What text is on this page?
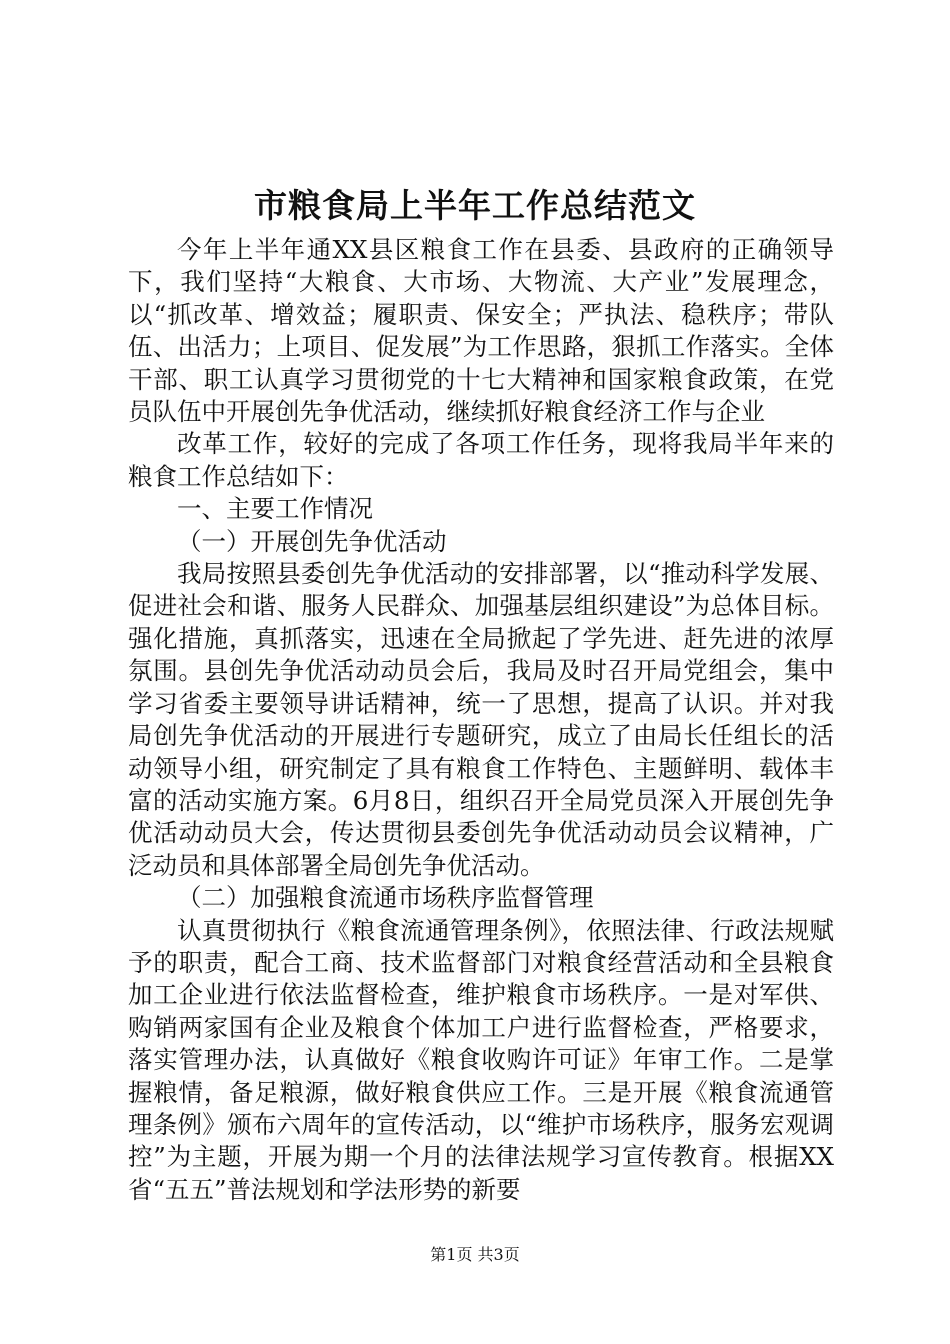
市粮食局上半年工作总结范文

今年上半年通XX县区粮食工作在县委、县政府的正确领导下，我们坚持“大粮食、大市场、大物流、大产业”发展理念，以“抓改革、增效益；履职责、保安全；严执法、稳秩序；带队伍、出活力；上项目、促发展”为工作思路，狠抓工作落实。全体干部、职工认真学习贯彻党的十七大精神和国家粮食政策，在党员队伍中开展创先争优活动，继续抓好粮食经济工作与企业

改革工作，较好的完成了各项工作任务，现将我局半年来的粮食工作总结如下：

一、主要工作情况

（一）开展创先争优活动

我局按照县委创先争优活动的安排部署，以“推动科学发展、促进社会和谐、服务人民群众、加强基层组织建设”为总体目标。强化措施，真抓落实，迅速在全局掀起了学先进、赶先进的浓厚氛围。县创先争优活动动员会后，我局及时召开局党组会，集中学习省委主要领导讲话精神，统一了思想，提高了认识。并对我局创先争优活动的开展进行专题研究，成立了由局长任组长的活动领导小组，研究制定了具有粮食工作特色、主题鲜明、载体丰富的活动实施方案。6月8日，组织召开全局党员深入开展创先争优活动动员大会，传达贯彻县委创先争优活动动员会议精神，广泛动员和具体部署全局创先争优活动。

（二）加强粮食流通市场秩序监督管理

认真贯彻执行《粮食流通管理条例》，依照法律、行政法规赋予的职责，配合工商、技术监督部门对粮食经营活动和全县粮食加工企业进行依法监督检查，维护粮食市场秩序。一是对军供、购销两家国有企业及粮食个体加工户进行监督检查，严格要求，落实管理办法，认真做好《粮食收购许可证》年审工作。二是掌握粮情，备足粮源，做好粮食供应工作。三是开展《粮食流通管理条例》颁布六周年的宣传活动，以“维护市场秩序，服务宏观调控”为主题，开展为期一个月的法律法规学习宣传教育。根据XX省“五五”普法规划和学法形势的新要

第1页 共3页
